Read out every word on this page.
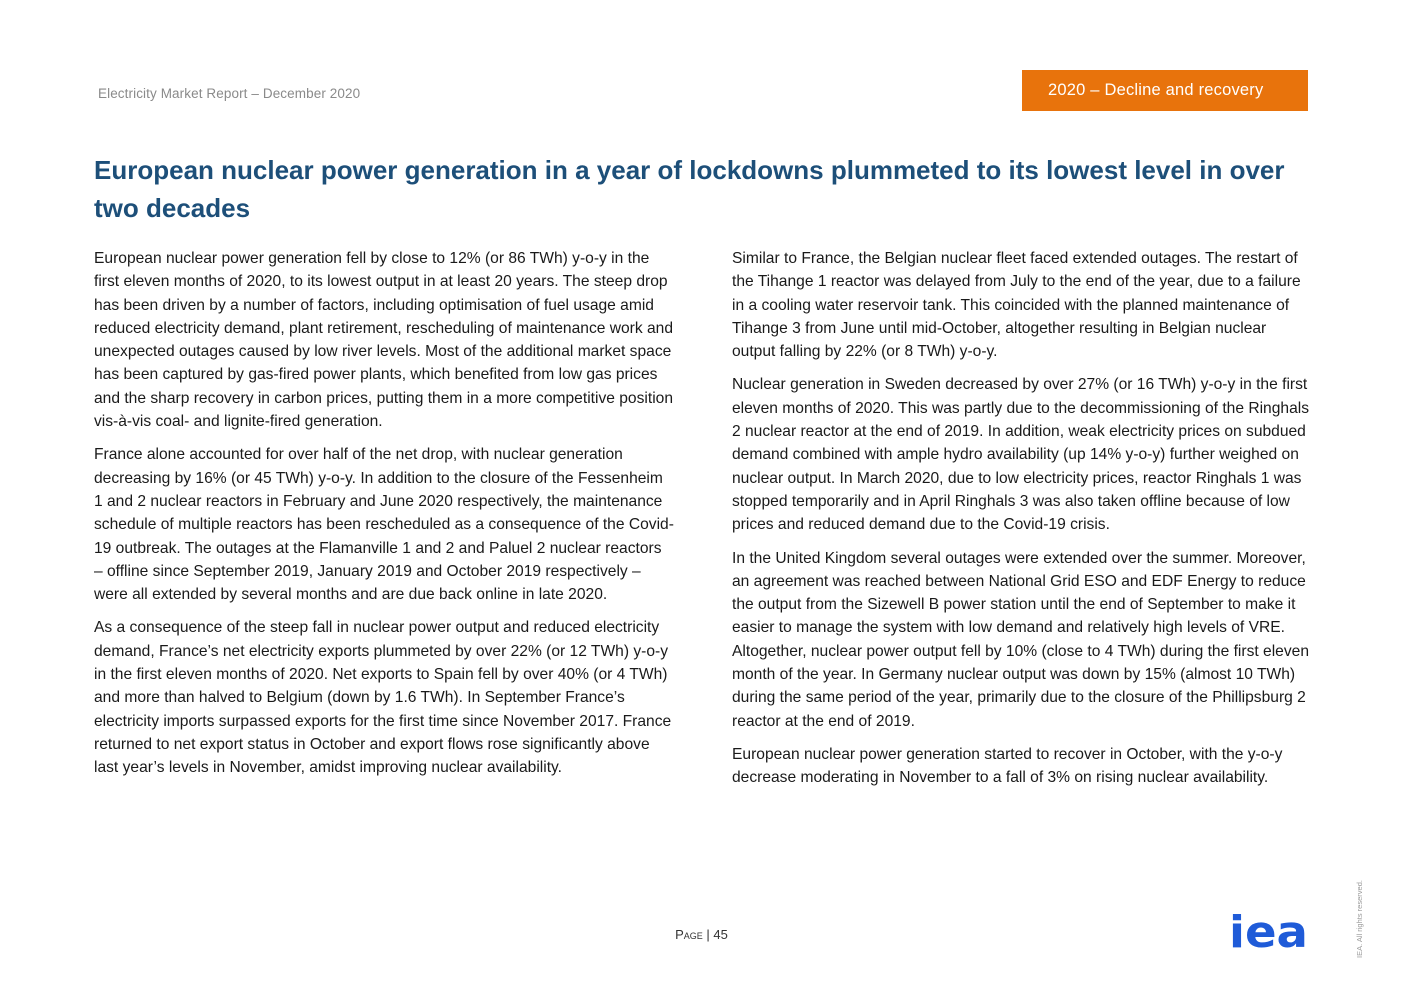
Electricity Market Report – December 2020	2020 – Decline and recovery
European nuclear power generation in a year of lockdowns plummeted to its lowest level in over two decades

European nuclear power generation fell by close to 12% (or 86 TWh) y-o-y in the first eleven months of 2020, to its lowest output in at least 20 years. The steep drop has been driven by a number of factors, including optimisation of fuel usage amid reduced electricity demand, plant retirement, rescheduling of maintenance work and unexpected outages caused by low river levels. Most of the additional market space has been captured by gas-fired power plants, which benefited from low gas prices and the sharp recovery in carbon prices, putting them in a more competitive position vis-à-vis coal- and lignite-fired generation.

France alone accounted for over half of the net drop, with nuclear generation decreasing by 16% (or 45 TWh) y-o-y. In addition to the closure of the Fessenheim 1 and 2 nuclear reactors in February and June 2020 respectively, the maintenance schedule of multiple reactors has been rescheduled as a consequence of the Covid-19 outbreak. The outages at the Flamanville 1 and 2 and Paluel 2 nuclear reactors – offline since September 2019, January 2019 and October 2019 respectively – were all extended by several months and are due back online in late 2020.

As a consequence of the steep fall in nuclear power output and reduced electricity demand, France’s net electricity exports plummeted by over 22% (or 12 TWh) y-o-y in the first eleven months of 2020. Net exports to Spain fell by over 40% (or 4 TWh) and more than halved to Belgium (down by 1.6 TWh). In September France’s electricity imports surpassed exports for the first time since November 2017. France returned to net export status in October and export flows rose significantly above last year’s levels in November, amidst improving nuclear availability.

Similar to France, the Belgian nuclear fleet faced extended outages. The restart of the Tihange 1 reactor was delayed from July to the end of the year, due to a failure in a cooling water reservoir tank. This coincided with the planned maintenance of Tihange 3 from June until mid-October, altogether resulting in Belgian nuclear output falling by 22% (or 8 TWh) y-o-y.

Nuclear generation in Sweden decreased by over 27% (or 16 TWh) y-o-y in the first eleven months of 2020. This was partly due to the decommissioning of the Ringhals 2 nuclear reactor at the end of 2019. In addition, weak electricity prices on subdued demand combined with ample hydro availability (up 14% y-o-y) further weighed on nuclear output. In March 2020, due to low electricity prices, reactor Ringhals 1 was stopped temporarily and in April Ringhals 3 was also taken offline because of low prices and reduced demand due to the Covid-19 crisis.

In the United Kingdom several outages were extended over the summer. Moreover, an agreement was reached between National Grid ESO and EDF Energy to reduce the output from the Sizewell B power station until the end of September to make it easier to manage the system with low demand and relatively high levels of VRE. Altogether, nuclear power output fell by 10% (close to 4 TWh) during the first eleven month of the year. In Germany nuclear output was down by 15% (almost 10 TWh) during the same period of the year, primarily due to the closure of the Phillipsburg 2 reactor at the end of 2019.

European nuclear power generation started to recover in October, with the y-o-y decrease moderating in November to a fall of 3% on rising nuclear availability.

Page | 45	iea	IEA. All rights reserved.
